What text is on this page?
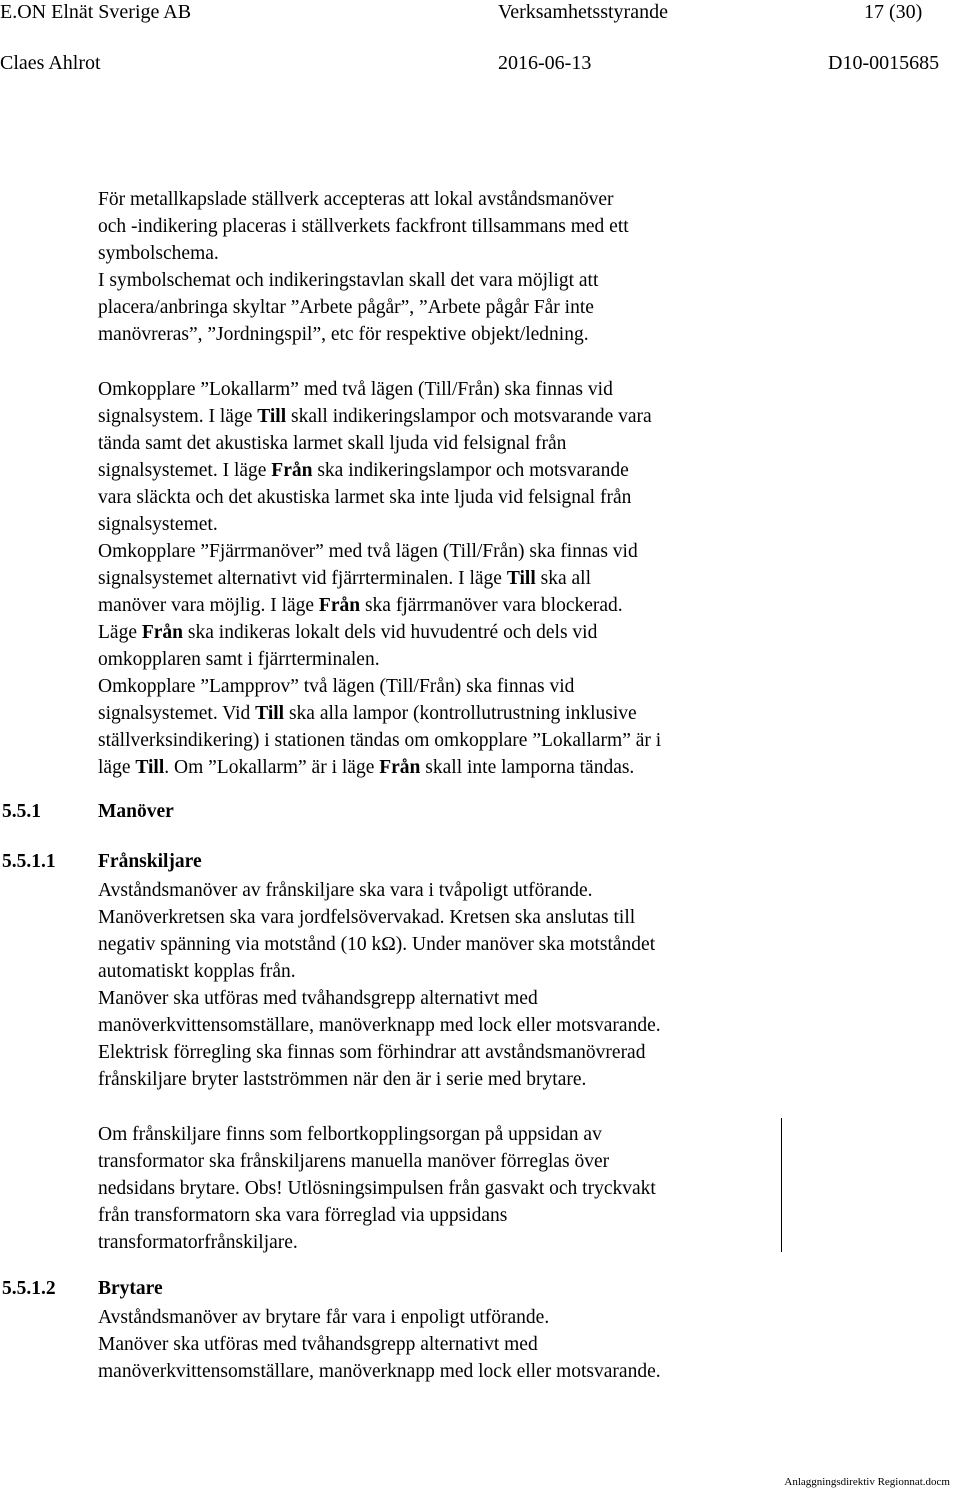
E.ON Elnät Sverige AB	Verksamhetsstyrande	17 (30)
Claes Ahlrot	2016-06-13	D10-0015685
För metallkapslade ställverk accepteras att lokal avståndsmanöver
och -indikering placeras i ställverkets fackfront tillsammans med ett
symbolschema.
I symbolschemat och indikeringstavlan skall det vara möjligt att
placera/anbringa skyltar ”Arbete pågår”, ”Arbete pågår Får inte
manövreras”, ”Jordningspil”, etc för respektive objekt/ledning.
Omkopplare ”Lokallarm” med två lägen (Till/Från) ska finnas vid
signalsystem. I läge Till skall indikeringslampor och motsvarande vara
tända samt det akustiska larmet skall ljuda vid felsignal från
signalsystemet. I läge Från ska indikeringslampor och motsvarande
vara släckta och det akustiska larmet ska inte ljuda vid felsignal från
signalsystemet.
Omkopplare ”Fjärrmanöver” med två lägen (Till/Från) ska finnas vid
signalsystemet alternativt vid fjärrterminalen. I läge Till ska all
manöver vara möjlig. I läge Från ska fjärrmanöver vara blockerad.
Läge Från ska indikeras lokalt dels vid huvudentré och dels vid
omkopplaren samt i fjärrterminalen.
Omkopplare ”Lampprov” två lägen (Till/Från) ska finnas vid
signalsystemet. Vid Till ska alla lampor (kontrollutrustning inklusive
ställverksindikering) i stationen tändas om omkopplare ”Lokallarm” är i
läge Till. Om ”Lokallarm” är i läge Från skall inte lamporna tändas.
5.5.1	Manöver
5.5.1.1 Frånskiljare
Avståndsmanöver av frånskiljare ska vara i tvåpoligt utförande.
Manöverkretsen ska vara jordfelsövervakad. Kretsen ska anslutas till
negativ spänning via motstånd (10 kΩ). Under manöver ska motståndet
automatiskt kopplas från.
Manöver ska utföras med tvåhandsgrepp alternativt med
manöverkvittensomställare, manöverknapp med lock eller motsvarande.
Elektrisk förregling ska finnas som förhindrar att avståndsmanövrerad
frånskiljare bryter lastströmmen när den är i serie med brytare.
Om frånskiljare finns som felbortkopplingsorgan på uppsidan av
transformator ska frånskiljarens manuella manöver förreglas över
nedsidans brytare. Obs! Utlösningsimpulsen från gasvakt och tryckvakt
från transformatorn ska vara förreglad via uppsidans
transformatorfrånskiljare.
5.5.1.2 Brytare
Avståndsmanöver av brytare får vara i enpoligt utförande.
Manöver ska utföras med tvåhandsgrepp alternativt med
manöverkvittensomställare, manöverknapp med lock eller motsvarande.
Anlaggningsdirektiv Regionnat.docm
